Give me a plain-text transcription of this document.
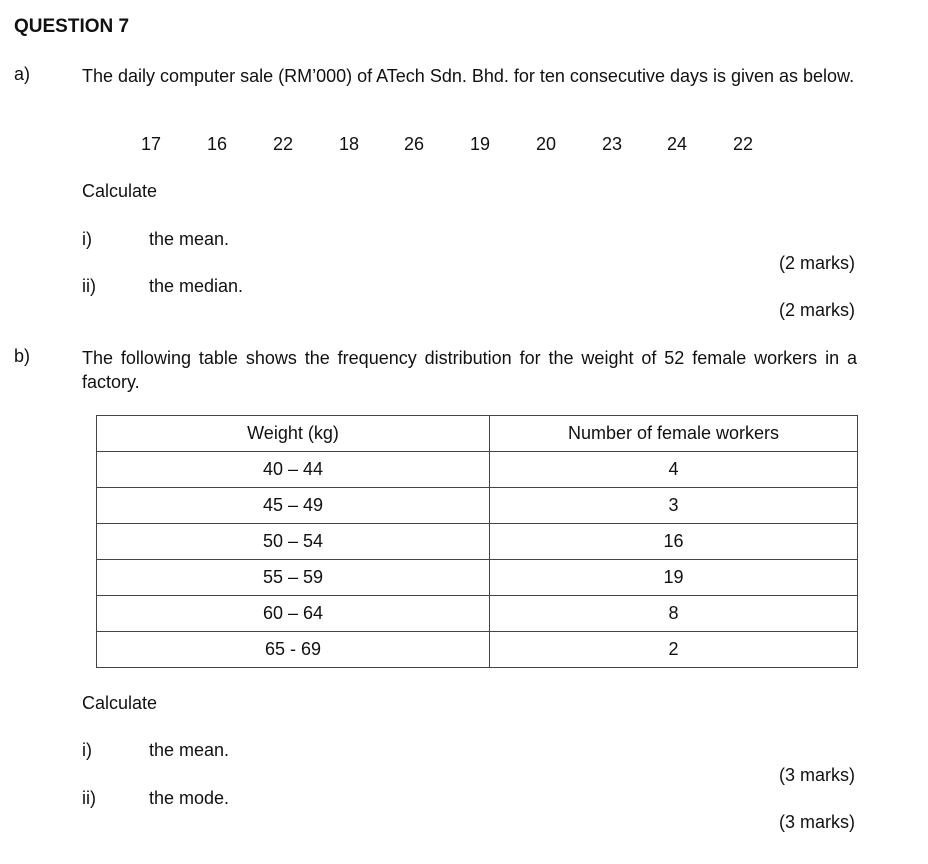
QUESTION 7
a)	The daily computer sale (RM’000) of ATech Sdn. Bhd. for ten consecutive days is given as below.
17	16	22	18	26	19	20	23	24	22
Calculate
i)	the mean.
(2 marks)
ii)	the median.
(2 marks)
b)	The following table shows the frequency distribution for the weight of 52 female workers in a factory.
Weight (kg)	Number of female workers
40 – 44	4
45 – 49	3
50 – 54	16
55 – 59	19
60 – 64	8
65 - 69	2
Calculate
i)	the mean.
(3 marks)
ii)	the mode.
(3 marks)
